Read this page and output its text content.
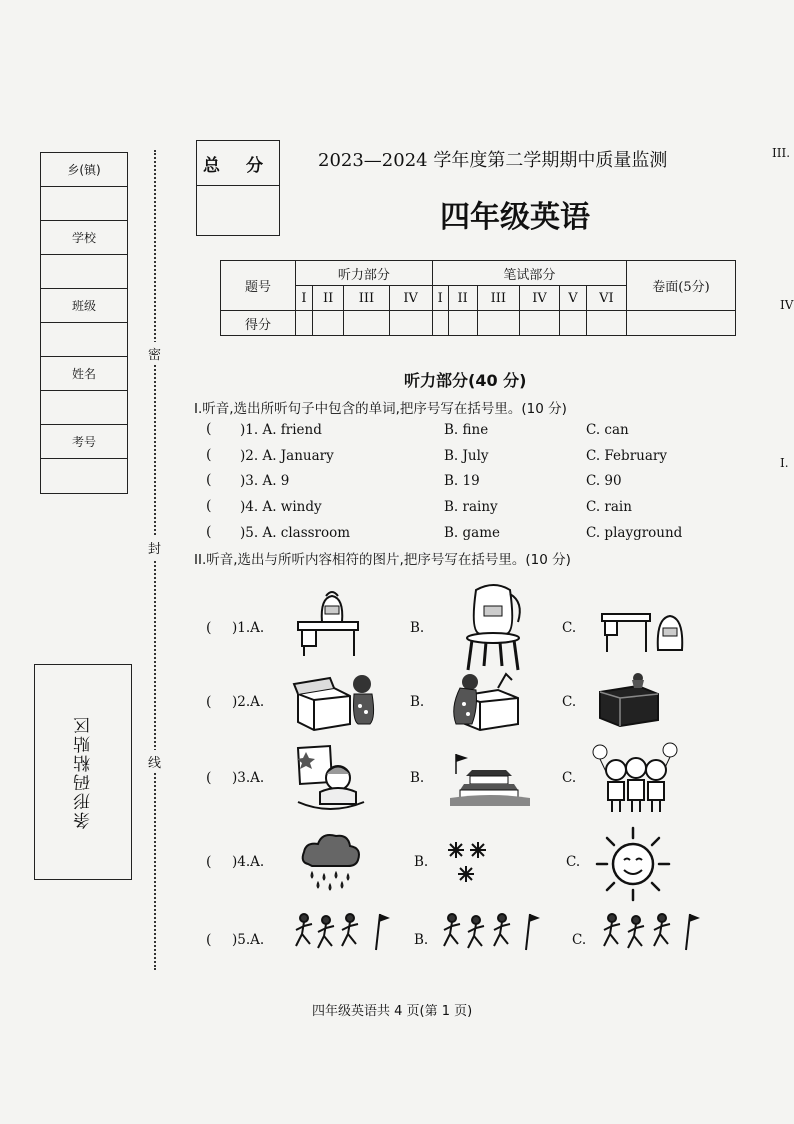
乡(镇)
学校
班级
姓名
考号
密
封
线
条形码粘贴区
总 分	2023—2024 学年度第二学期期中质量监测
四年级英语
题号	听力部分				笔试部分						卷面(5分)
	I	II	III	IV	I	II	III	IV	V	VI	
得分											
听力部分(40 分)
I.听音,选出所听句子中包含的单词,把序号写在括号里。(10 分)
( )1. A. friend	B. fine	C. can
( )2. A. January	B. July	C. February
( )3. A. 9	B. 19	C. 90
( )4. A. windy	B. rainy	C. rain
( )5. A. classroom	B. game	C. playground
II.听音,选出与所听内容相符的图片,把序号写在括号里。(10 分)
( )1.A.	B.	C.
( )2.A.	B.	C.
( )3.A.	B.	C.
( )4.A.	B.	C.
( )5.A.	B.	C.
III.
IV
I.
四年级英语共 4 页(第 1 页)
